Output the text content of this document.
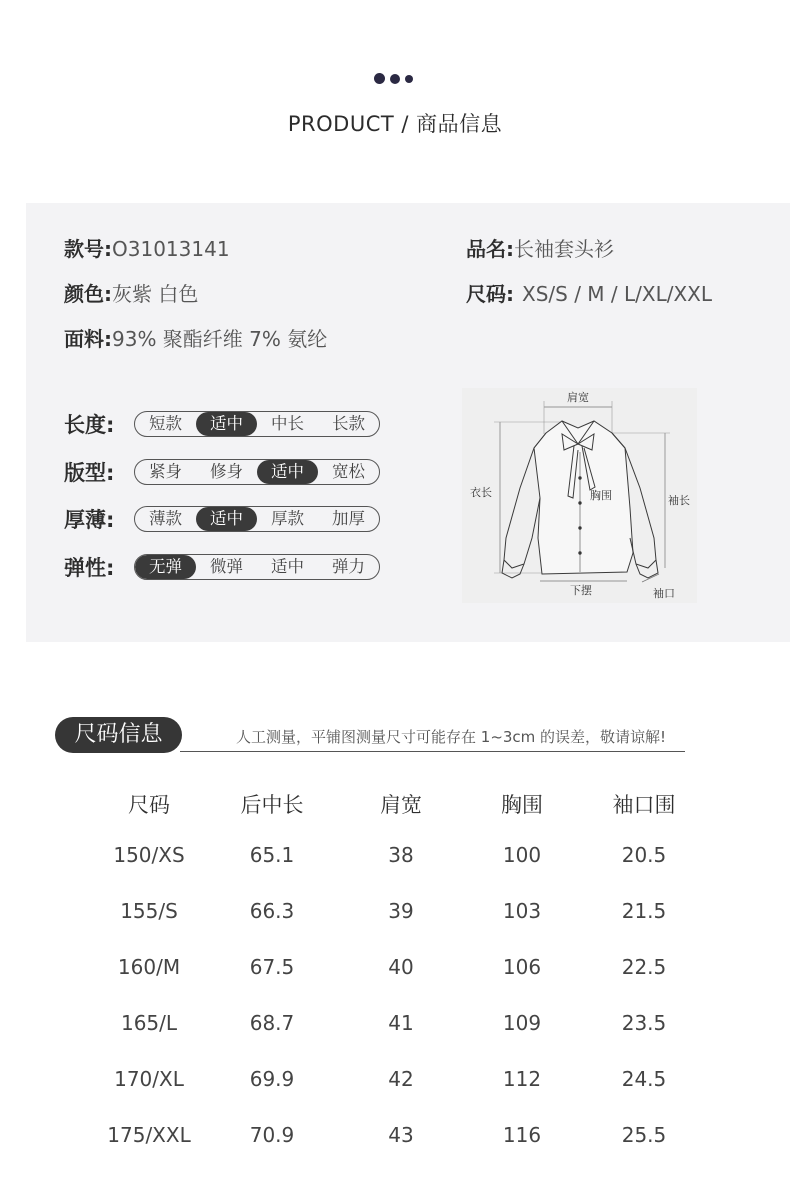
PRODUCT / 商品信息
款号:O31013141	品名:长袖套头衫
颜色:灰紫 白色	尺码: XS/S / M / L/XL/XXL
面料:93% 聚酯纤维 7% 氨纶
长度:	短款	适中	中长	长款
版型:	紧身	修身	适中	宽松
厚薄:	薄款	适中	厚款	加厚
弹性:	无弹	微弹	适中	弹力
肩宽
衣长	胸围	袖长
下摆	袖口
尺码信息	人工测量，平铺图测量尺寸可能存在 1~3cm 的误差，敬请谅解!
尺码	后中长	肩宽	胸围	袖口围
150/XS	65.1	38	100	20.5
155/S	66.3	39	103	21.5
160/M	67.5	40	106	22.5
165/L	68.7	41	109	23.5
170/XL	69.9	42	112	24.5
175/XXL	70.9	43	116	25.5
